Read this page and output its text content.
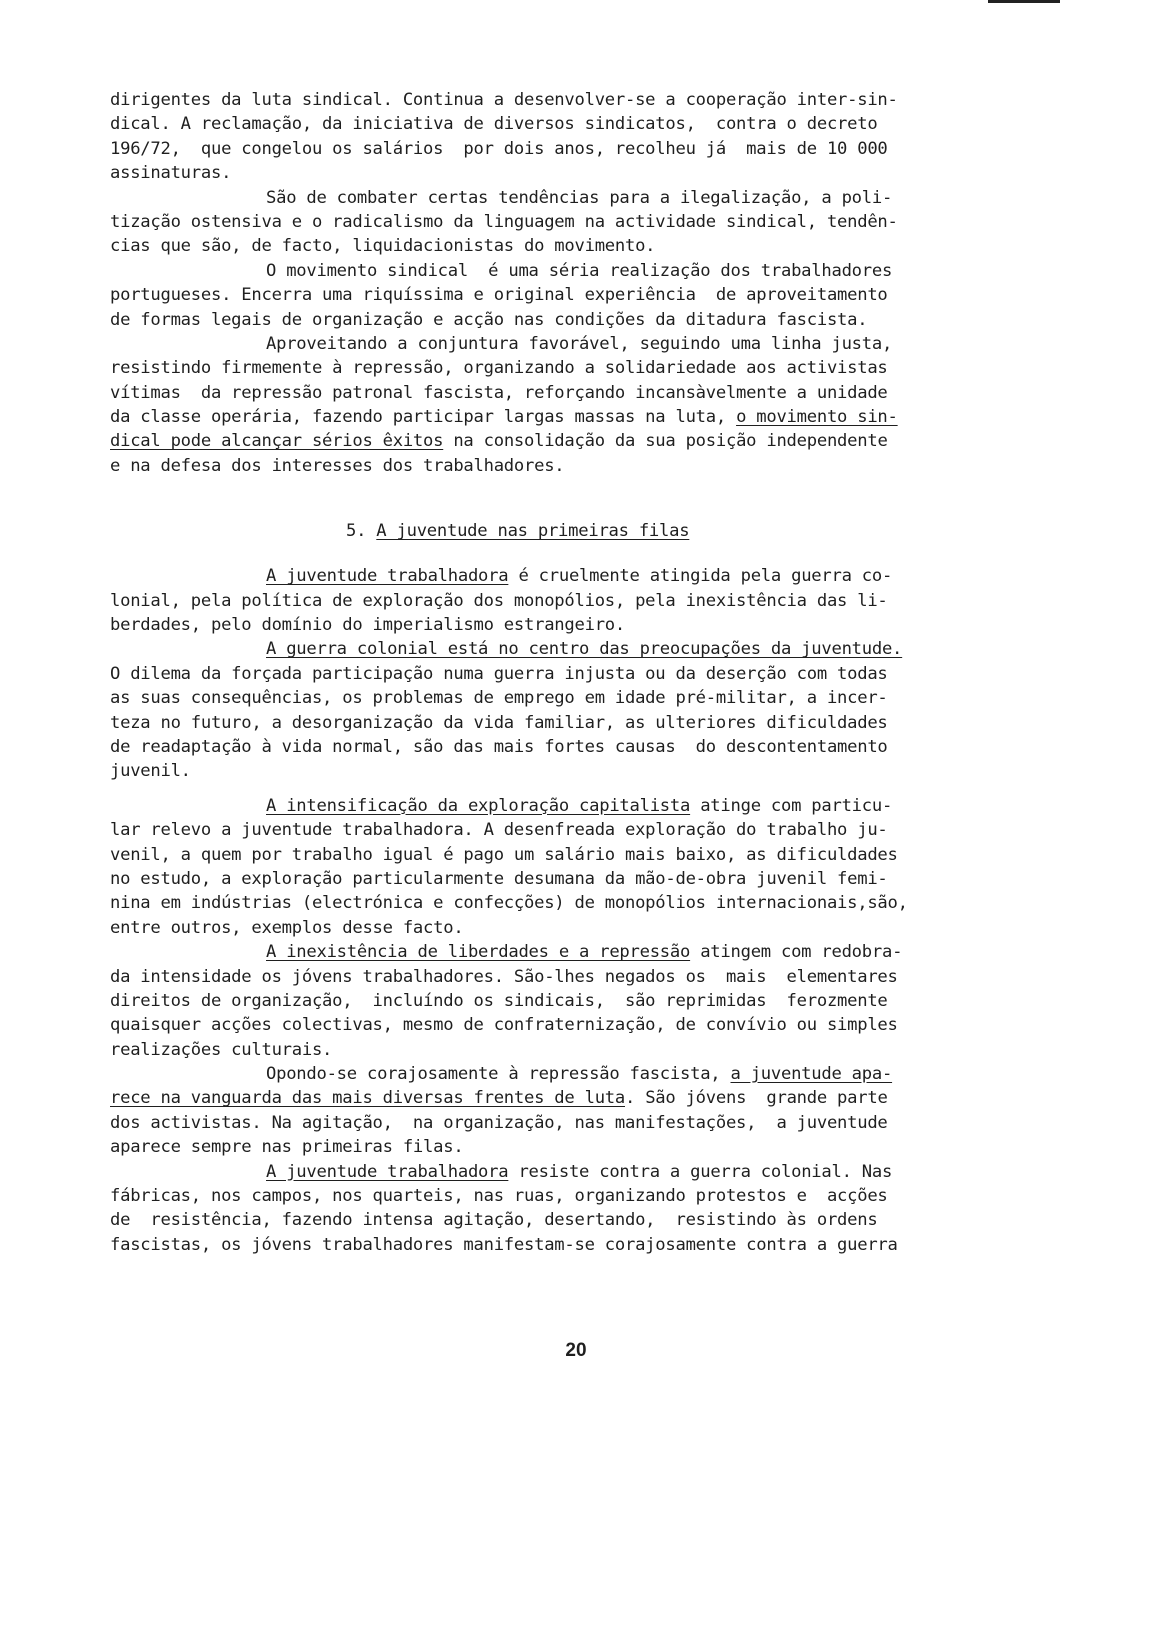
dirigentes da luta sindical. Continua a desenvolver-se a cooperação inter-sin-
dical. A reclamação, da iniciativa de diversos sindicatos,  contra o decreto
196/72,  que congelou os salários  por dois anos, recolheu já  mais de 10 000
assinaturas.
São de combater certas tendências para a ilegalização, a poli-
tização ostensiva e o radicalismo da linguagem na actividade sindical, tendên-
cias que são, de facto, liquidacionistas do movimento.
O movimento sindical  é uma séria realização dos trabalhadores
portugueses. Encerra uma riquíssima e original experiência  de aproveitamento
de formas legais de organização e acção nas condições da ditadura fascista.
Aproveitando a conjuntura favorável, seguindo uma linha justa,
resistindo firmemente à repressão, organizando a solidariedade aos activistas
vítimas  da repressão patronal fascista, reforçando incansàvelmente a unidade
da classe operária, fazendo participar largas massas na luta, o movimento sin-
dical pode alcançar sérios êxitos na consolidação da sua posição independente
e na defesa dos interesses dos trabalhadores.
5. A juventude nas primeiras filas
A juventude trabalhadora é cruelmente atingida pela guerra co-
lonial, pela política de exploração dos monopólios, pela inexistência das li-
berdades, pelo domínio do imperialismo estrangeiro.
A guerra colonial está no centro das preocupações da juventude.
O dilema da forçada participação numa guerra injusta ou da deserção com todas
as suas consequências, os problemas de emprego em idade pré-militar, a incer-
teza no futuro, a desorganização da vida familiar, as ulteriores dificuldades
de readaptação à vida normal, são das mais fortes causas  do descontentamento
juvenil.
A intensificação da exploração capitalista atinge com particu-
lar relevo a juventude trabalhadora. A desenfreada exploração do trabalho ju-
venil, a quem por trabalho igual é pago um salário mais baixo, as dificuldades
no estudo, a exploração particularmente desumana da mão-de-obra juvenil femi-
nina em indústrias (electrónica e confecções) de monopólios internacionais,são,
entre outros, exemplos desse facto.
A inexistência de liberdades e a repressão atingem com redobra-
da intensidade os jóvens trabalhadores. São-lhes negados os  mais  elementares
direitos de organização,  incluíndo os sindicais,  são reprimidas  ferozmente
quaisquer acções colectivas, mesmo de confraternização, de convívio ou simples
realizações culturais.
Opondo-se corajosamente à repressão fascista, a juventude apa-
rece na vanguarda das mais diversas frentes de luta. São jóvens  grande parte
dos activistas. Na agitação,  na organização, nas manifestações,  a juventude
aparece sempre nas primeiras filas.
A juventude trabalhadora resiste contra a guerra colonial. Nas
fábricas, nos campos, nos quarteis, nas ruas, organizando protestos e  acções
de  resistência, fazendo intensa agitação, desertando,  resistindo às ordens
fascistas, os jóvens trabalhadores manifestam-se corajosamente contra a guerra
20
